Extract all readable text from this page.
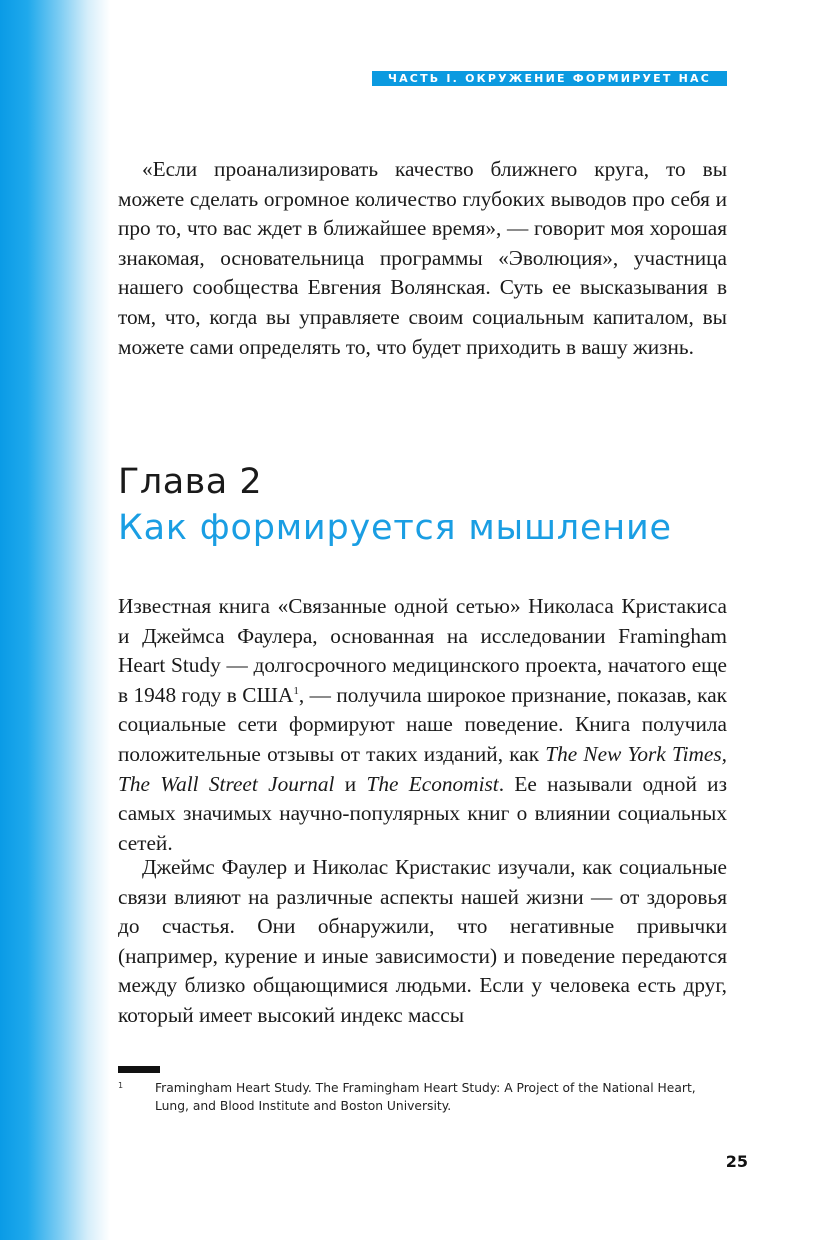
ЧАСТЬ I. ОКРУЖЕНИЕ ФОРМИРУЕТ НАС

«Если проанализировать качество ближнего круга, то вы можете сделать огромное количество глубоких выводов про себя и про то, что вас ждет в ближайшее время», — говорит моя хорошая знакомая, основательница программы «Эволюция», участница нашего сообщества Евгения Волянская. Суть ее высказывания в том, что, когда вы управляете своим социальным капиталом, вы можете сами определять то, что будет приходить в вашу жизнь.

Глава 2
Как формируется мышление

Известная книга «Связанные одной сетью» Николаса Кристакиса и Джеймса Фаулера, основанная на исследовании Framingham Heart Study — долгосрочного медицинского проекта, начатого еще в 1948 году в США$^1$, — получила широкое признание, показав, как социальные сети формируют наше поведение. Книга получила положительные отзывы от таких изданий, как The New York Times, The Wall Street Journal и The Economist. Ее называли одной из самых значимых научно-популярных книг о влиянии социальных сетей.

Джеймс Фаулер и Николас Кристакис изучали, как социальные связи влияют на различные аспекты нашей жизни — от здоровья до счастья. Они обнаружили, что негативные привычки (например, курение и иные зависимости) и поведение передаются между близко общающимися людьми. Если у человека есть друг, который имеет высокий индекс массы

1	Framingham Heart Study. The Framingham Heart Study: A Project of the National Heart, Lung, and Blood Institute and Boston University.

25
